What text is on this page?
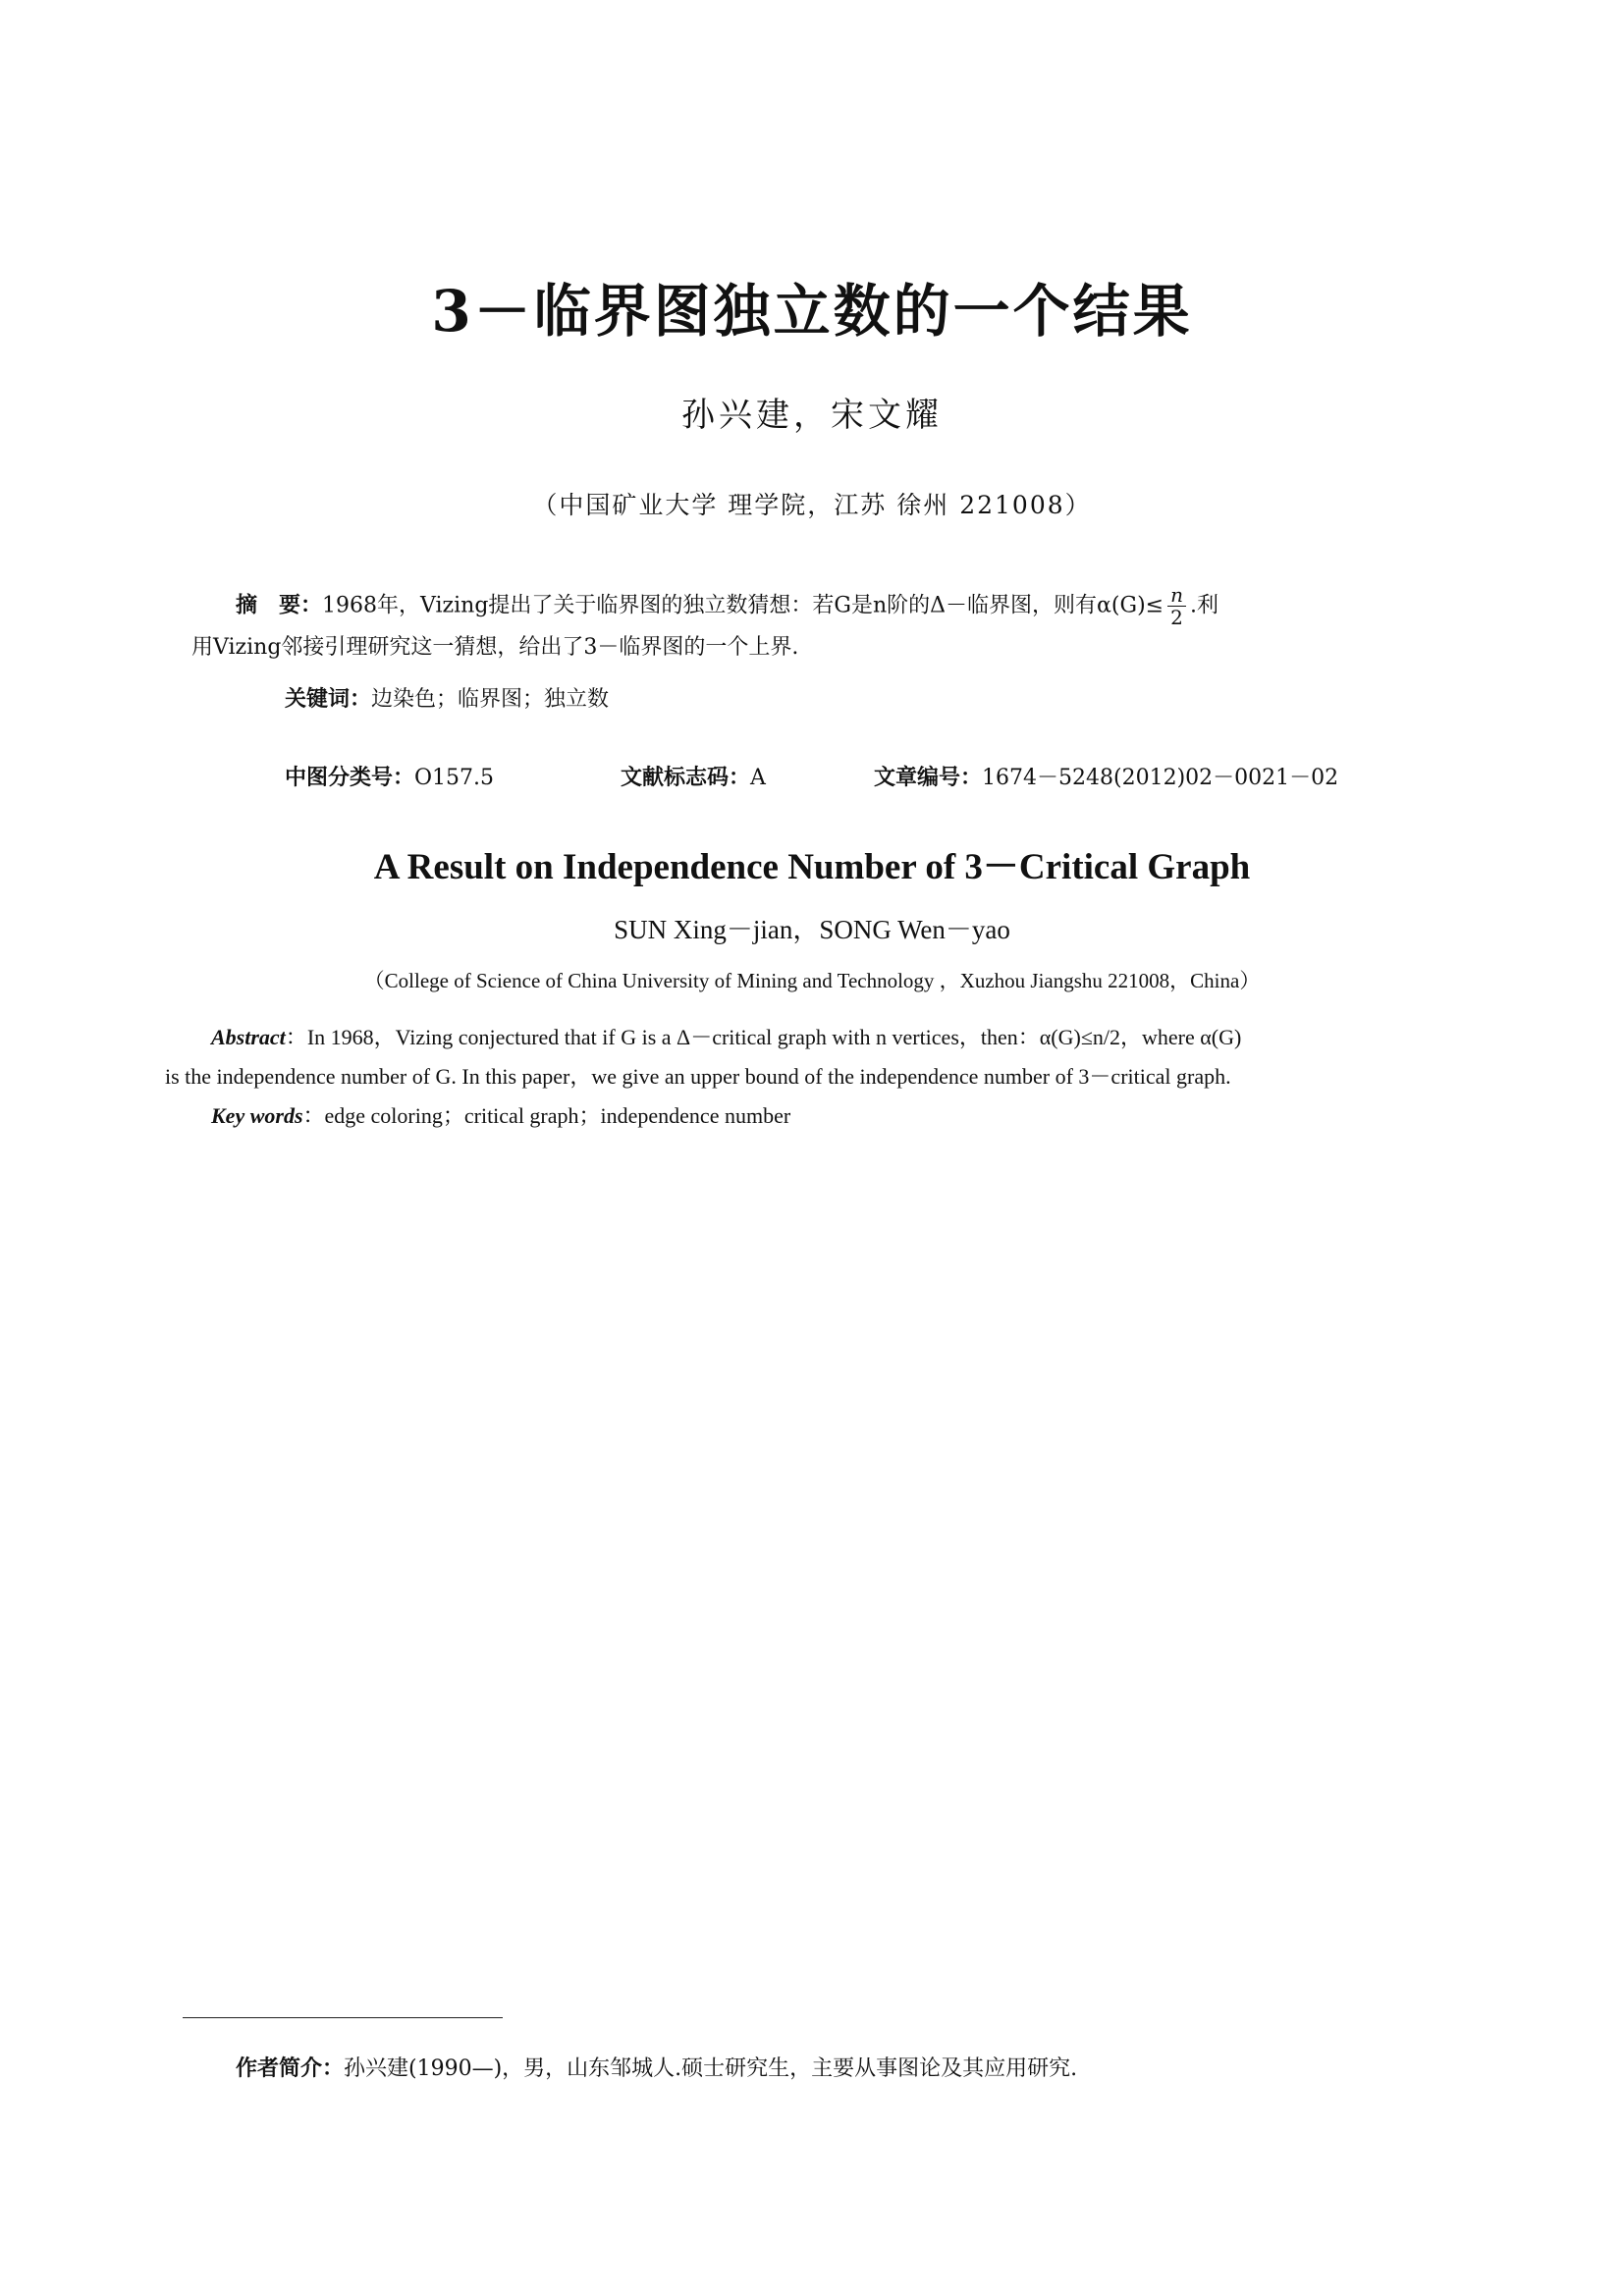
3－临界图独立数的一个结果
孙兴建，宋文耀
（中国矿业大学 理学院，江苏 徐州 221008）
摘　要：1968年，Vizing提出了关于临界图的独立数猜想：若G是n阶的Δ－临界图，则有$\alpha(G)\le \frac{n}{2}$ .利
用Vizing邻接引理研究这一猜想，给出了3－临界图的一个上界.
关键词：边染色；临界图；独立数
中图分类号：O157.5	文献标志码：A	文章编号：1674－5248(2012)02－0021－02
A Result on Independence Number of 3－Critical Graph
SUN Xing－jian，SONG Wen－yao
（College of Science of China University of Mining and Technology ，Xuzhou Jiangshu 221008，China）
Abstract：In 1968，Vizing conjectured that if G is a Δ－critical graph with n vertices，then：α(G)≤n/2，where α(G)
is the independence number of G. In this paper，we give an upper bound of the independence number of 3－critical graph.
Key words：edge coloring；critical graph；independence number
作者简介：孙兴建(1990—)，男，山东邹城人.硕士研究生，主要从事图论及其应用研究.
